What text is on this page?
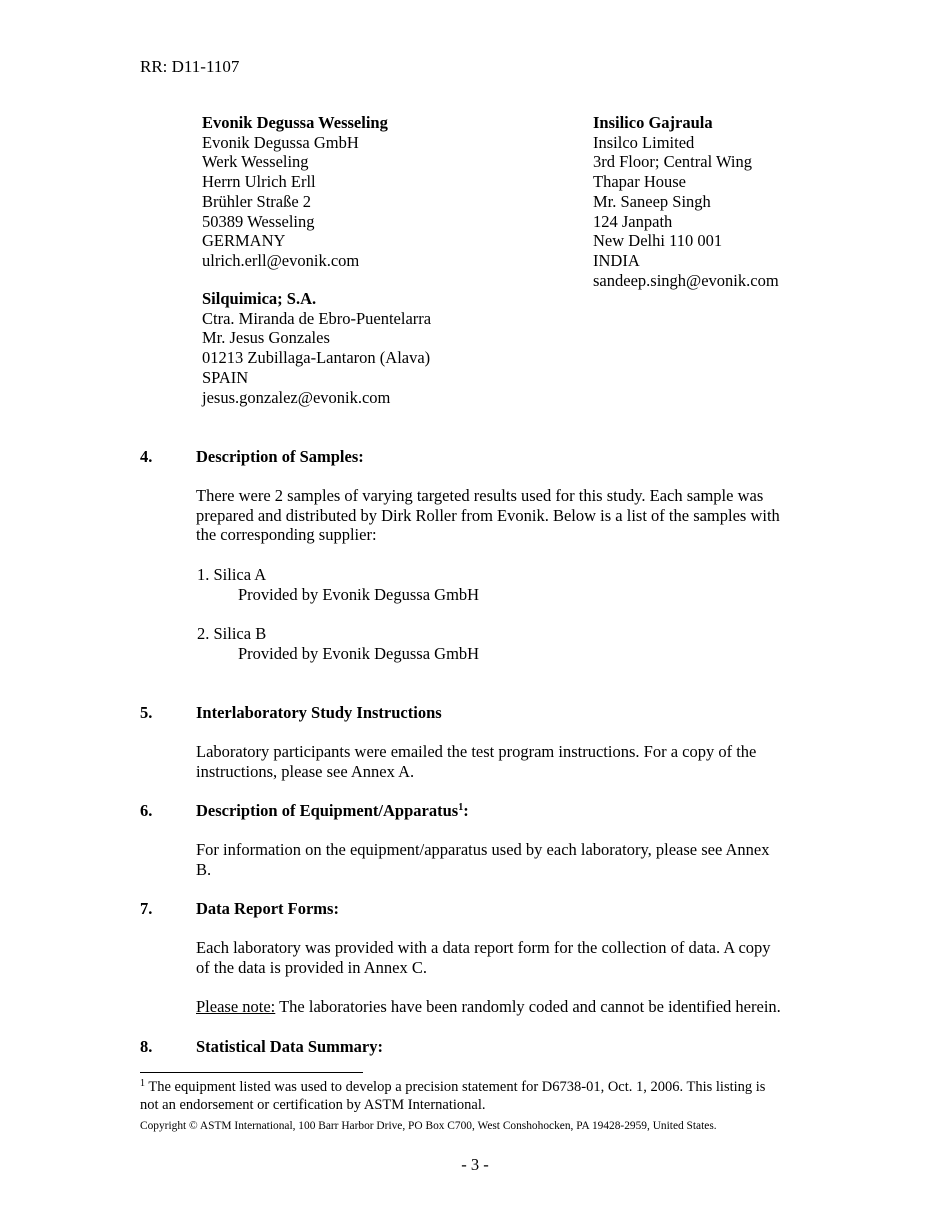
RR: D11-1107
Evonik Degussa Wesseling
Evonik Degussa GmbH
Werk Wesseling
Herrn Ulrich Erll
Brühler Straße 2
50389 Wesseling
GERMANY
ulrich.erll@evonik.com
Silquimica; S.A.
Ctra. Miranda de Ebro-Puentelarra
Mr. Jesus Gonzales
01213 Zubillaga-Lantaron (Alava)
SPAIN
jesus.gonzalez@evonik.com
Insilico Gajraula
Insilco Limited
3rd Floor; Central Wing
Thapar House
Mr. Saneep Singh
124 Janpath
New Delhi 110 001
INDIA
sandeep.singh@evonik.com
4.	Description of Samples:
There were 2 samples of varying targeted results used for this study. Each sample was
prepared and distributed by Dirk Roller from Evonik. Below is a list of the samples with
the corresponding supplier:
1. Silica A
Provided by Evonik Degussa GmbH
2. Silica B
Provided by Evonik Degussa GmbH
5.	Interlaboratory Study Instructions
Laboratory participants were emailed the test program instructions. For a copy of the
instructions, please see Annex A.
6.	Description of Equipment/Apparatus$^1$:
For information on the equipment/apparatus used by each laboratory, please see Annex
B.
7.	Data Report Forms:
Each laboratory was provided with a data report form for the collection of data. A copy
of the data is provided in Annex C.
Please note: The laboratories have been randomly coded and cannot be identified herein.
8.	Statistical Data Summary:
$^1$ The equipment listed was used to develop a precision statement for D6738-01, Oct. 1, 2006. This listing is
not an endorsement or certification by ASTM International.
Copyright © ASTM International, 100 Barr Harbor Drive, PO Box C700, West Conshohocken, PA 19428-2959, United States.
- 3 -
